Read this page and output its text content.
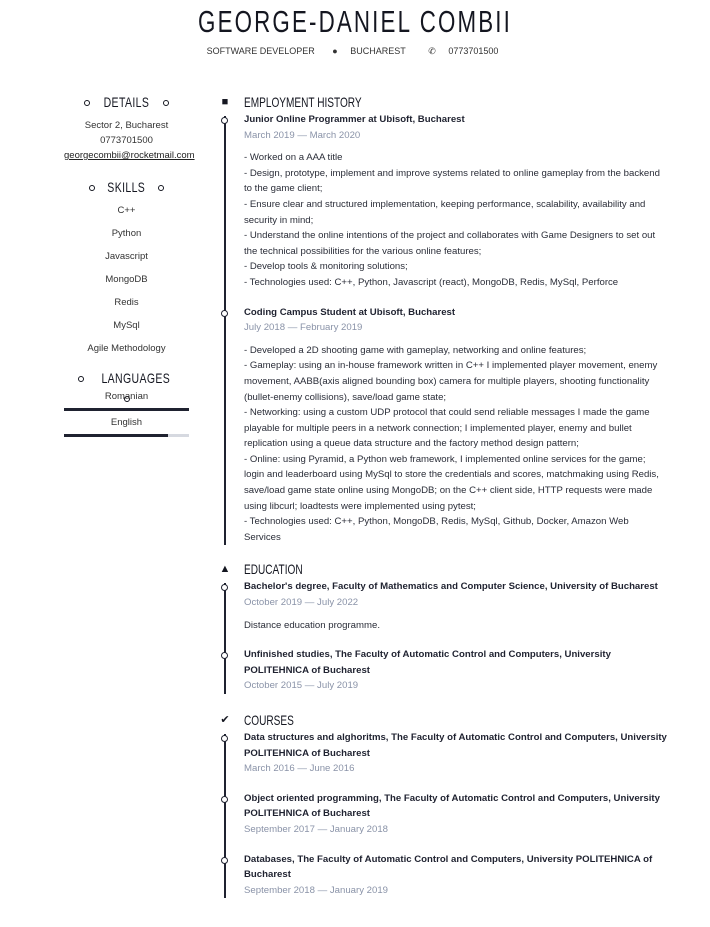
GEORGE-DANIEL COMBII
SOFTWARE DEVELOPER ● BUCHAREST	✆ 0773701500
DETAILS
Sector 2, Bucharest
0773701500
georgecombii@rocketmail.com
SKILLS
C++
Python
Javascript
MongoDB
Redis
MySql
Agile Methodology
LANGUAGES
Romanian
English
■ EMPLOYMENT HISTORY
Junior Online Programmer at Ubisoft, Bucharest
March 2019 — March 2020
- Worked on a AAA title
- Design, prototype, implement and improve systems related to online gameplay from the backend to the game client;
- Ensure clear and structured implementation, keeping performance, scalability, availability and security in mind;
- Understand the online intentions of the project and collaborates with Game Designers to set out the technical possibilities for the various online features;
- Develop tools & monitoring solutions;
- Technologies used: C++, Python, Javascript (react), MongoDB, Redis, MySql, Perforce
Coding Campus Student at Ubisoft, Bucharest
July 2018 — February 2019
- Developed a 2D shooting game with gameplay, networking and online features;
- Gameplay: using an in-house framework written in C++ I implemented player movement, enemy movement, AABB(axis aligned bounding box) camera for multiple players, shooting functionality (bullet-enemy collisions), save/load game state;
- Networking: using a custom UDP protocol that could send reliable messages I made the game playable for multiple peers in a network connection; I implemented player, enemy and bullet replication using a queue data structure and the factory method design pattern;
- Online: using Pyramid, a Python web framework, I implemented online services for the game; login and leaderboard using MySql to store the credentials and scores, matchmaking using Redis, save/load game state online using MongoDB; on the C++ client side, HTTP requests were made using libcurl; loadtests were implemented using pytest;
- Technologies used: C++, Python, MongoDB, Redis, MySql, Github, Docker, Amazon Web Services
▲ EDUCATION
Bachelor's degree, Faculty of Mathematics and Computer Science, University of Bucharest
October 2019 — July 2022
Distance education programme.
Unfinished studies, The Faculty of Automatic Control and Computers, University POLITEHNICA of Bucharest
October 2015 — July 2019
✔ COURSES
Data structures and alghoritms, The Faculty of Automatic Control and Computers, University POLITEHNICA of Bucharest
March 2016 — June 2016
Object oriented programming, The Faculty of Automatic Control and Computers, University POLITEHNICA of Bucharest
September 2017 — January 2018
Databases, The Faculty of Automatic Control and Computers, University POLITEHNICA of Bucharest
September 2018 — January 2019
